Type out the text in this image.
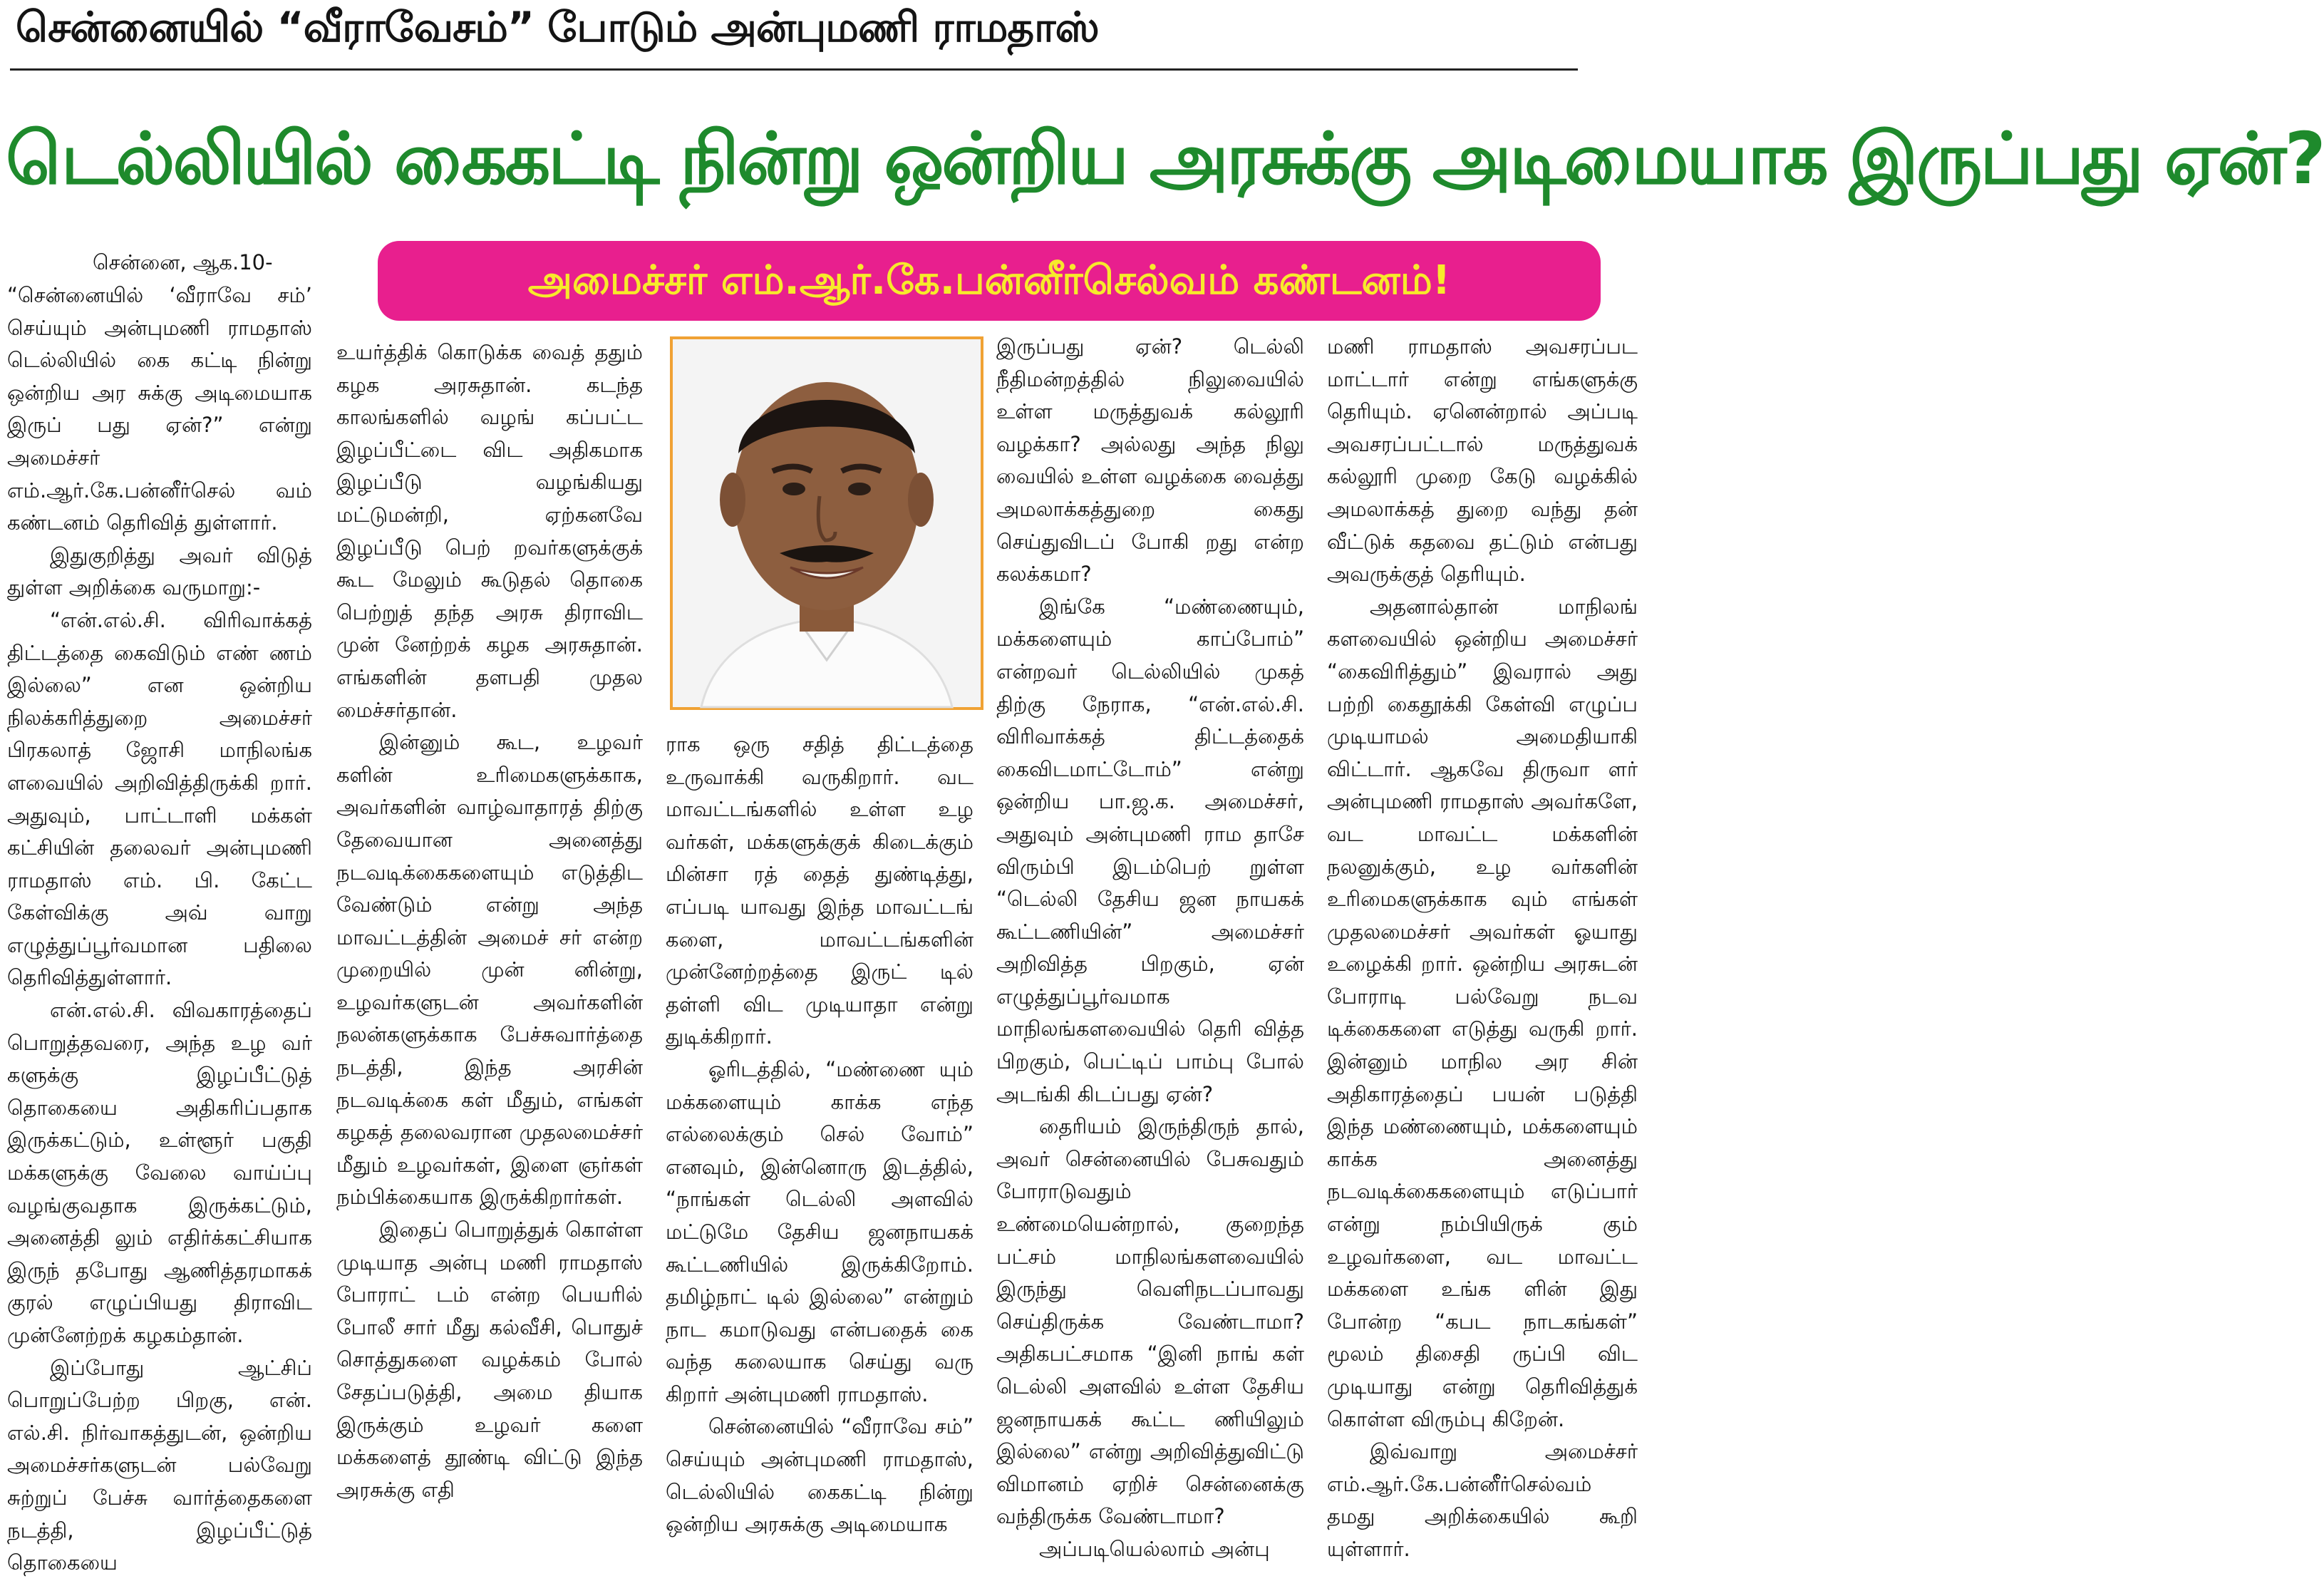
சென்னையில் “வீராவேசம்” போடும் அன்புமணி ராமதாஸ்
டெல்லியில் கைகட்டி நின்று ஒன்றிய அரசுக்கு அடிமையாக இருப்பது ஏன்?
அமைச்சர் எம்.ஆர்.கே.பன்னீர்செல்வம் கண்டனம்!
சென்னை, ஆக.10-

“சென்னையில் ‘வீராவே சம்’ செய்யும் அன்புமணி ராமதாஸ் டெல்லியில் கை கட்டி நின்று ஒன்றிய அர சுக்கு அடிமையாக இருப் பது ஏன்?” என்று அமைச்சர் எம்.ஆர்.கே.பன்னீர்செல் வம் கண்டனம் தெரிவித் துள்ளார்.

இதுகுறித்து அவர் விடுத் துள்ள அறிக்கை வருமாறு:-

“என்.எல்.சி. விரிவாக்கத் திட்டத்தை கைவிடும் எண் ணம் இல்லை” என ஒன்றிய நிலக்கரித்துறை அமைச்சர் பிரகலாத் ஜோசி மாநிலங்க ளவையில் அறிவித்திருக்கி றார். அதுவும், பாட்டாளி மக்கள் கட்சியின் தலைவர் அன்புமணி ராமதாஸ் எம். பி. கேட்ட கேள்விக்கு அவ் வாறு எழுத்துப்பூர்வமான பதிலை தெரிவித்துள்ளார்.

என்.எல்.சி. விவகாரத்தைப் பொறுத்தவரை, அந்த உழ வர் களுக்கு இழப்பீட்டுத் தொகையை அதிகரிப்பதாக இருக்கட்டும், உள்ளூர் பகுதி மக்களுக்கு வேலை வாய்ப்பு வழங்குவதாக இருக்கட்டும், அனைத்தி லும் எதிர்க்கட்சியாக இருந் தபோது ஆணித்தரமாகக் குரல் எழுப்பியது திராவிட முன்னேற்றக் கழகம்தான்.

இப்போது ஆட்சிப் பொறுப்பேற்ற பிறகு, என். எல்.சி. நிர்வாகத்துடன், ஒன்றிய அமைச்சர்களுடன் பல்வேறு சுற்றுப் பேச்சு வார்த்தைகளை நடத்தி, இழப்பீட்டுத் தொகையை

உயர்த்திக் கொடுக்க வைத் ததும் கழக அரசுதான். கடந்த காலங்களில் வழங் கப்பட்ட இழப்பீட்டை விட அதிகமாக இழப்பீடு வழங்கியது மட்டுமன்றி, ஏற்கனவே இழப்பீடு பெற் றவர்களுக்குக் கூட மேலும் கூடுதல் தொகை பெற்றுத் தந்த அரசு திராவிட முன் னேற்றக் கழக அரசுதான். எங்களின் தளபதி முதல மைச்சர்தான்.

இன்னும் கூட, உழவர் களின் உரிமைகளுக்காக, அவர்களின் வாழ்வாதாரத் திற்கு தேவையான அனைத்து நடவடிக்கைகளையும் எடுத்திட வேண்டும் என்று அந்த மாவட்டத்தின் அமைச் சர் என்ற முறையில் முன் னின்று, உழவர்களுடன் அவர்களின் நலன்களுக்காக பேச்சுவார்த்தை நடத்தி, இந்த அரசின் நடவடிக்கை கள் மீதும், எங்கள் கழகத் தலைவரான முதலமைச்சர் மீதும் உழவர்கள், இளை ஞர்கள் நம்பிக்கையாக இருக்கிறார்கள்.

இதைப் பொறுத்துக் கொள்ள முடியாத அன்பு மணி ராமதாஸ் போராட் டம் என்ற பெயரில் போலீ சார் மீது கல்வீசி, பொதுச் சொத்துகளை வழக்கம் போல் சேதப்படுத்தி, அமை தியாக இருக்கும் உழவர் களை மக்களைத் தூண்டி விட்டு இந்த அரசுக்கு எதி

ராக ஒரு சதித் திட்டத்தை உருவாக்கி வருகிறார். வட மாவட்டங்களில் உள்ள உழ வர்கள், மக்களுக்குக் கிடைக்கும் மின்சா ரத் தைத் துண்டித்து, எப்படி யாவது இந்த மாவட்டங் களை, மாவட்டங்களின் முன்னேற்றத்தை இருட் டில் தள்ளி விட முடியாதா என்று துடிக்கிறார்.

ஓரிடத்தில், “மண்ணை யும் மக்களையும் காக்க எந்த எல்லைக்கும் செல் வோம்” எனவும், இன்னொரு இடத்தில், “நாங்கள் டெல்லி அளவில் மட்டுமே தேசிய ஜனநாயகக் கூட்டணியில் இருக்கிறோம். தமிழ்நாட் டில் இல்லை” என்றும் நாட கமாடுவது என்பதைக் கை வந்த கலையாக செய்து வரு கிறார் அன்புமணி ராமதாஸ்.

சென்னையில் “வீராவே சம்” செய்யும் அன்புமணி ராமதாஸ், டெல்லியில் கைகட்டி நின்று ஒன்றிய அரசுக்கு அடிமையாக

இருப்பது ஏன்? டெல்லி நீதிமன்றத்தில் நிலுவையில் உள்ள மருத்துவக் கல்லூரி வழக்கா? அல்லது அந்த நிலு வையில் உள்ள வழக்கை வைத்து அமலாக்கத்துறை கைது செய்துவிடப் போகி றது என்ற கலக்கமா?

இங்கே “மண்ணையும், மக்களையும் காப்போம்” என்றவர் டெல்லியில் முகத் திற்கு நேராக, “என்.எல்.சி. விரிவாக்கத் திட்டத்தைக் கைவிடமாட்டோம்” என்று ஒன்றிய பா.ஜ.க. அமைச்சர், அதுவும் அன்புமணி ராம தாசே விரும்பி இடம்பெற் றுள்ள “டெல்லி தேசிய ஜன நாயகக் கூட்டணியின்” அமைச்சர் அறிவித்த பிறகும், ஏன் எழுத்துப்பூர்வமாக மாநிலங்களவையில் தெரி வித்த பிறகும், பெட்டிப் பாம்பு போல் அடங்கி கிடப்பது ஏன்?

தைரியம் இருந்திருந் தால், அவர் சென்னையில் பேசுவதும் போராடுவதும் உண்மையென்றால், குறைந்த பட்சம் மாநிலங்களவையில் இருந்து வெளிநடப்பாவது செய்திருக்க வேண்டாமா? அதிகபட்சமாக “இனி நாங் கள் டெல்லி அளவில் உள்ள தேசிய ஜனநாயகக் கூட்ட ணியிலும் இல்லை” என்று அறிவித்துவிட்டு விமானம் ஏறிச் சென்னைக்கு வந்திருக்க வேண்டாமா?

அப்படியெல்லாம் அன்பு

மணி ராமதாஸ் அவசரப்பட மாட்டார் என்று எங்களுக்கு தெரியும். ஏனென்றால் அப்படி அவசரப்பட்டால் மருத்துவக் கல்லூரி முறை கேடு வழக்கில் அமலாக்கத் துறை வந்து தன் வீட்டுக் கதவை தட்டும் என்பது அவருக்குத் தெரியும்.

அதனால்தான் மாநிலங் களவையில் ஒன்றிய அமைச்சர் “கைவிரித்தும்” இவரால் அது பற்றி கைதூக்கி கேள்வி எழுப்ப முடியாமல் அமைதியாகி விட்டார். ஆகவே திருவா ளர் அன்புமணி ராமதாஸ் அவர்களே, வட மாவட்ட மக்களின் நலனுக்கும், உழ வர்களின் உரிமைகளுக்காக வும் எங்கள் முதலமைச்சர் அவர்கள் ஓயாது உழைக்கி றார். ஒன்றிய அரசுடன் போராடி பல்வேறு நடவ டிக்கைகளை எடுத்து வருகி றார். இன்னும் மாநில அர சின் அதிகாரத்தைப் பயன் படுத்தி இந்த மண்ணையும், மக்களையும் காக்க அனைத்து நடவடிக்கைகளையும் எடுப்பார் என்று நம்பியிருக் கும் உழவர்களை, வட மாவட்ட மக்களை உங்க ளின் இது போன்ற “கபட நாடகங்கள்” மூலம் திசைதி ருப்பி விட முடியாது என்று தெரிவித்துக் கொள்ள விரும்பு கிறேன்.

இவ்வாறு அமைச்சர் எம்.ஆர்.கே.பன்னீர்செல்வம் தமது அறிக்கையில் கூறி யுள்ளார்.
